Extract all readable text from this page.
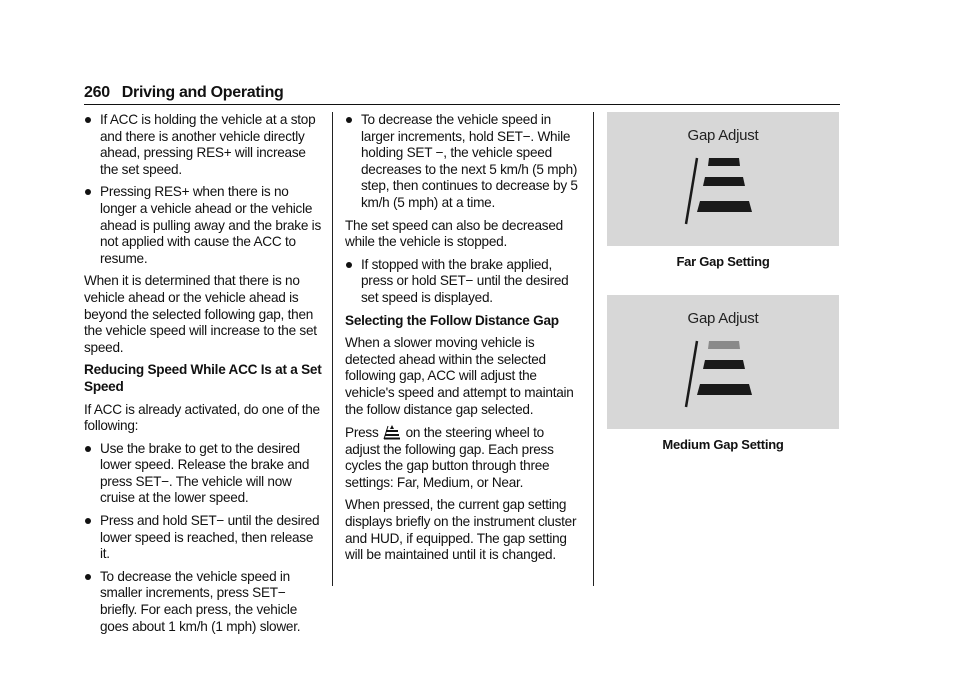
260 Driving and Operating
If ACC is holding the vehicle at a stop and there is another vehicle directly ahead, pressing RES+ will increase the set speed.
Pressing RES+ when there is no longer a vehicle ahead or the vehicle ahead is pulling away and the brake is not applied with cause the ACC to resume.

When it is determined that there is no vehicle ahead or the vehicle ahead is beyond the selected following gap, then the vehicle speed will increase to the set speed.

Reducing Speed While ACC Is at a Set Speed

If ACC is already activated, do one of the following:

Use the brake to get to the desired lower speed. Release the brake and press SET−. The vehicle will now cruise at the lower speed.
Press and hold SET− until the desired lower speed is reached, then release it.
To decrease the vehicle speed in smaller increments, press SET− briefly. For each press, the vehicle goes about 1 km/h (1 mph) slower.
To decrease the vehicle speed in larger increments, hold SET−. While holding SET −, the vehicle speed decreases to the next 5 km/h (5 mph) step, then continues to decrease by 5 km/h (5 mph) at a time.

The set speed can also be decreased while the vehicle is stopped.

If stopped with the brake applied, press or hold SET− until the desired set speed is displayed.

Selecting the Follow Distance Gap

When a slower moving vehicle is detected ahead within the selected following gap, ACC will adjust the vehicle's speed and attempt to maintain the follow distance gap selected.

Press on the steering wheel to adjust the following gap. Each press cycles the gap button through three settings: Far, Medium, or Near.

When pressed, the current gap setting displays briefly on the instrument cluster and HUD, if equipped. The gap setting will be maintained until it is changed.

Gap Adjust
Far Gap Setting
Gap Adjust
Medium Gap Setting
